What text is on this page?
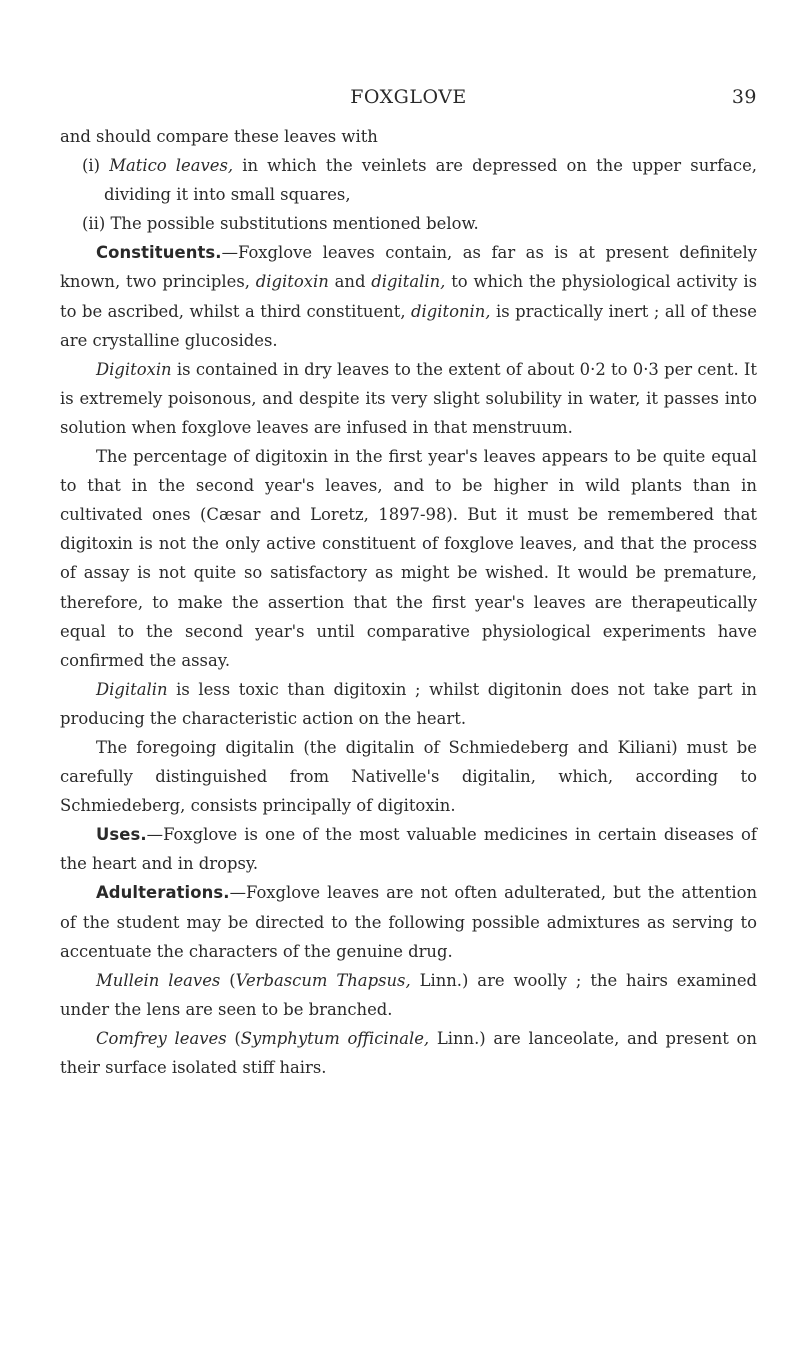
FOXGLOVE	39

and should compare these leaves with

(i) Matico leaves, in which the veinlets are depressed on the upper surface, dividing it into small squares,

(ii) The possible substitutions mentioned below.

Constituents.—Foxglove leaves contain, as far as is at present definitely known, two principles, digitoxin and digitalin, to which the physiological activity is to be ascribed, whilst a third constituent, digitonin, is practically inert ; all of these are crystalline glucosides.

Digitoxin is contained in dry leaves to the extent of about 0·2 to 0·3 per cent. It is extremely poisonous, and despite its very slight solubility in water, it passes into solution when foxglove leaves are infused in that menstruum.

The percentage of digitoxin in the first year's leaves appears to be quite equal to that in the second year's leaves, and to be higher in wild plants than in cultivated ones (Cæsar and Loretz, 1897-98). But it must be remembered that digitoxin is not the only active constituent of foxglove leaves, and that the process of assay is not quite so satisfactory as might be wished. It would be premature, therefore, to make the assertion that the first year's leaves are therapeutically equal to the second year's until comparative physiological experiments have confirmed the assay.

Digitalin is less toxic than digitoxin ; whilst digitonin does not take part in producing the characteristic action on the heart.

The foregoing digitalin (the digitalin of Schmiedeberg and Kiliani) must be carefully distinguished from Nativelle's digitalin, which, according to Schmiedeberg, consists principally of digitoxin.

Uses.—Foxglove is one of the most valuable medicines in certain diseases of the heart and in dropsy.

Adulterations.—Foxglove leaves are not often adulterated, but the attention of the student may be directed to the following possible admixtures as serving to accentuate the characters of the genuine drug.

Mullein leaves (Verbascum Thapsus, Linn.) are woolly ; the hairs examined under the lens are seen to be branched.

Comfrey leaves (Symphytum officinale, Linn.) are lanceolate, and present on their surface isolated stiff hairs.
